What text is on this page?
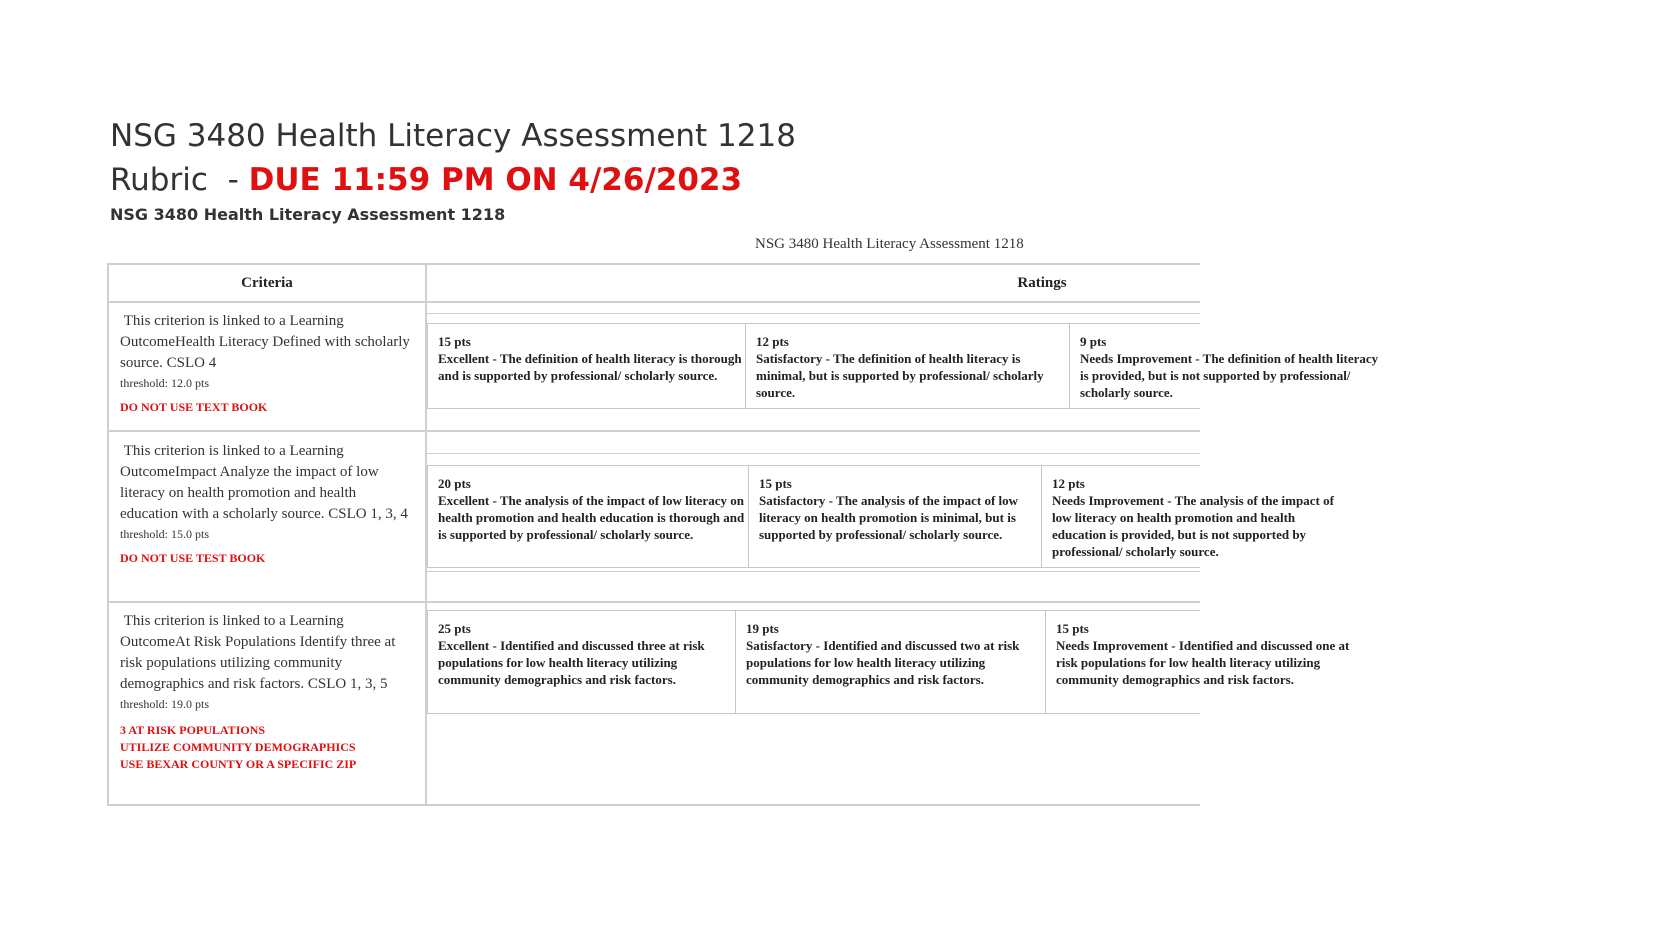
NSG 3480 Health Literacy Assessment 1218
Rubric  - DUE 11:59 PM ON 4/26/2023
NSG 3480 Health Literacy Assessment 1218
NSG 3480 Health Literacy Assessment 1218
Criteria	Ratings
This criterion is linked to a Learning OutcomeHealth Literacy Defined with scholarly source. CSLO 4
threshold: 12.0 pts
DO NOT USE TEXT BOOK
15 pts
Excellent - The definition of health literacy is thorough and is supported by professional/ scholarly source.
12 pts
Satisfactory - The definition of health literacy is minimal, but is supported by professional/ scholarly source.
9 pts
Needs Improvement - The definition of health literacy is provided, but is not supported by professional/ scholarly source.
This criterion is linked to a Learning OutcomeImpact Analyze the impact of low literacy on health promotion and health education with a scholarly source. CSLO 1, 3, 4
threshold: 15.0 pts
DO NOT USE TEST BOOK
20 pts
Excellent - The analysis of the impact of low literacy on health promotion and health education is thorough and is supported by professional/ scholarly source.
15 pts
Satisfactory - The analysis of the impact of low literacy on health promotion is minimal, but is supported by professional/ scholarly source.
12 pts
Needs Improvement - The analysis of the impact of low literacy on health promotion and health education is provided, but is not supported by professional/ scholarly source.
This criterion is linked to a Learning OutcomeAt Risk Populations Identify three at risk populations utilizing community demographics and risk factors. CSLO 1, 3, 5
threshold: 19.0 pts
3 AT RISK POPULATIONS
UTILIZE COMMUNITY DEMOGRAPHICS
USE BEXAR COUNTY OR A SPECIFIC ZIP
25 pts
Excellent - Identified and discussed three at risk populations for low health literacy utilizing community demographics and risk factors.
19 pts
Satisfactory - Identified and discussed two at risk populations for low health literacy utilizing community demographics and risk factors.
15 pts
Needs Improvement - Identified and discussed one at risk populations for low health literacy utilizing community demographics and risk factors.
